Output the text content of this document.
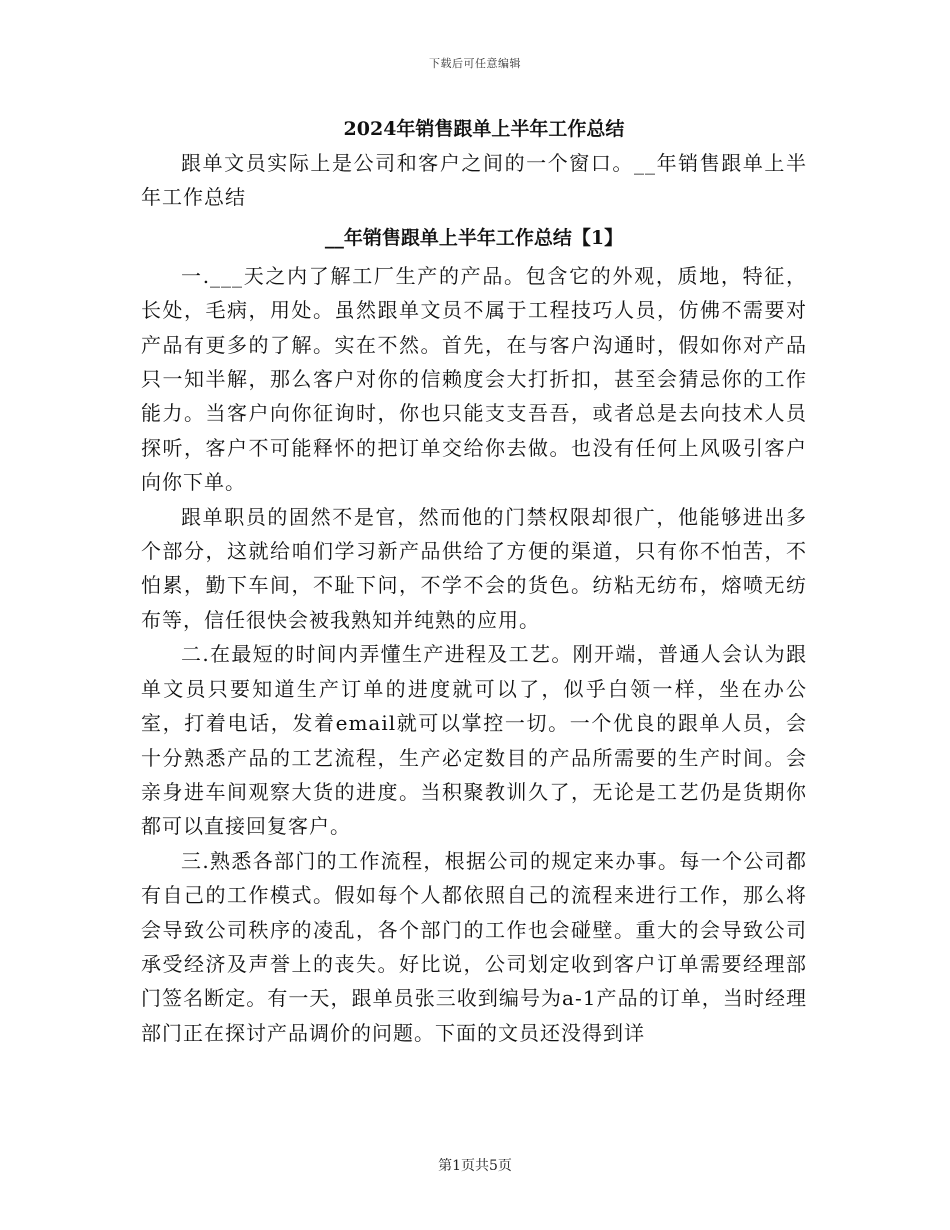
下载后可任意编辑
2024年销售跟单上半年工作总结

跟单文员实际上是公司和客户之间的一个窗口。__年销售跟单上半年工作总结

__年销售跟单上半年工作总结【1】

一.___天之内了解工厂生产的产品。包含它的外观，质地，特征，长处，毛病，用处。虽然跟单文员不属于工程技巧人员，仿佛不需要对产品有更多的了解。实在不然。首先，在与客户沟通时，假如你对产品只一知半解，那么客户对你的信赖度会大打折扣，甚至会猜忌你的工作能力。当客户向你征询时，你也只能支支吾吾，或者总是去向技术人员探听，客户不可能释怀的把订单交给你去做。也没有任何上风吸引客户向你下单。

跟单职员的固然不是官，然而他的门禁权限却很广，他能够进出多个部分，这就给咱们学习新产品供给了方便的渠道，只有你不怕苦，不怕累，勤下车间，不耻下问，不学不会的货色。纺粘无纺布，熔喷无纺布等，信任很快会被我熟知并纯熟的应用。

二.在最短的时间内弄懂生产进程及工艺。刚开端，普通人会认为跟单文员只要知道生产订单的进度就可以了，似乎白领一样，坐在办公室，打着电话，发着email就可以掌控一切。一个优良的跟单人员，会十分熟悉产品的工艺流程，生产必定数目的产品所需要的生产时间。会亲身进车间观察大货的进度。当积聚教训久了，无论是工艺仍是货期你都可以直接回复客户。

三.熟悉各部门的工作流程，根据公司的规定来办事。每一个公司都有自己的工作模式。假如每个人都依照自己的流程来进行工作，那么将会导致公司秩序的凌乱，各个部门的工作也会碰壁。重大的会导致公司承受经济及声誉上的丧失。好比说，公司划定收到客户订单需要经理部门签名断定。有一天，跟单员张三收到编号为a-1产品的订单，当时经理部门正在探讨产品调价的问题。下面的文员还没得到详

第1页共5页
